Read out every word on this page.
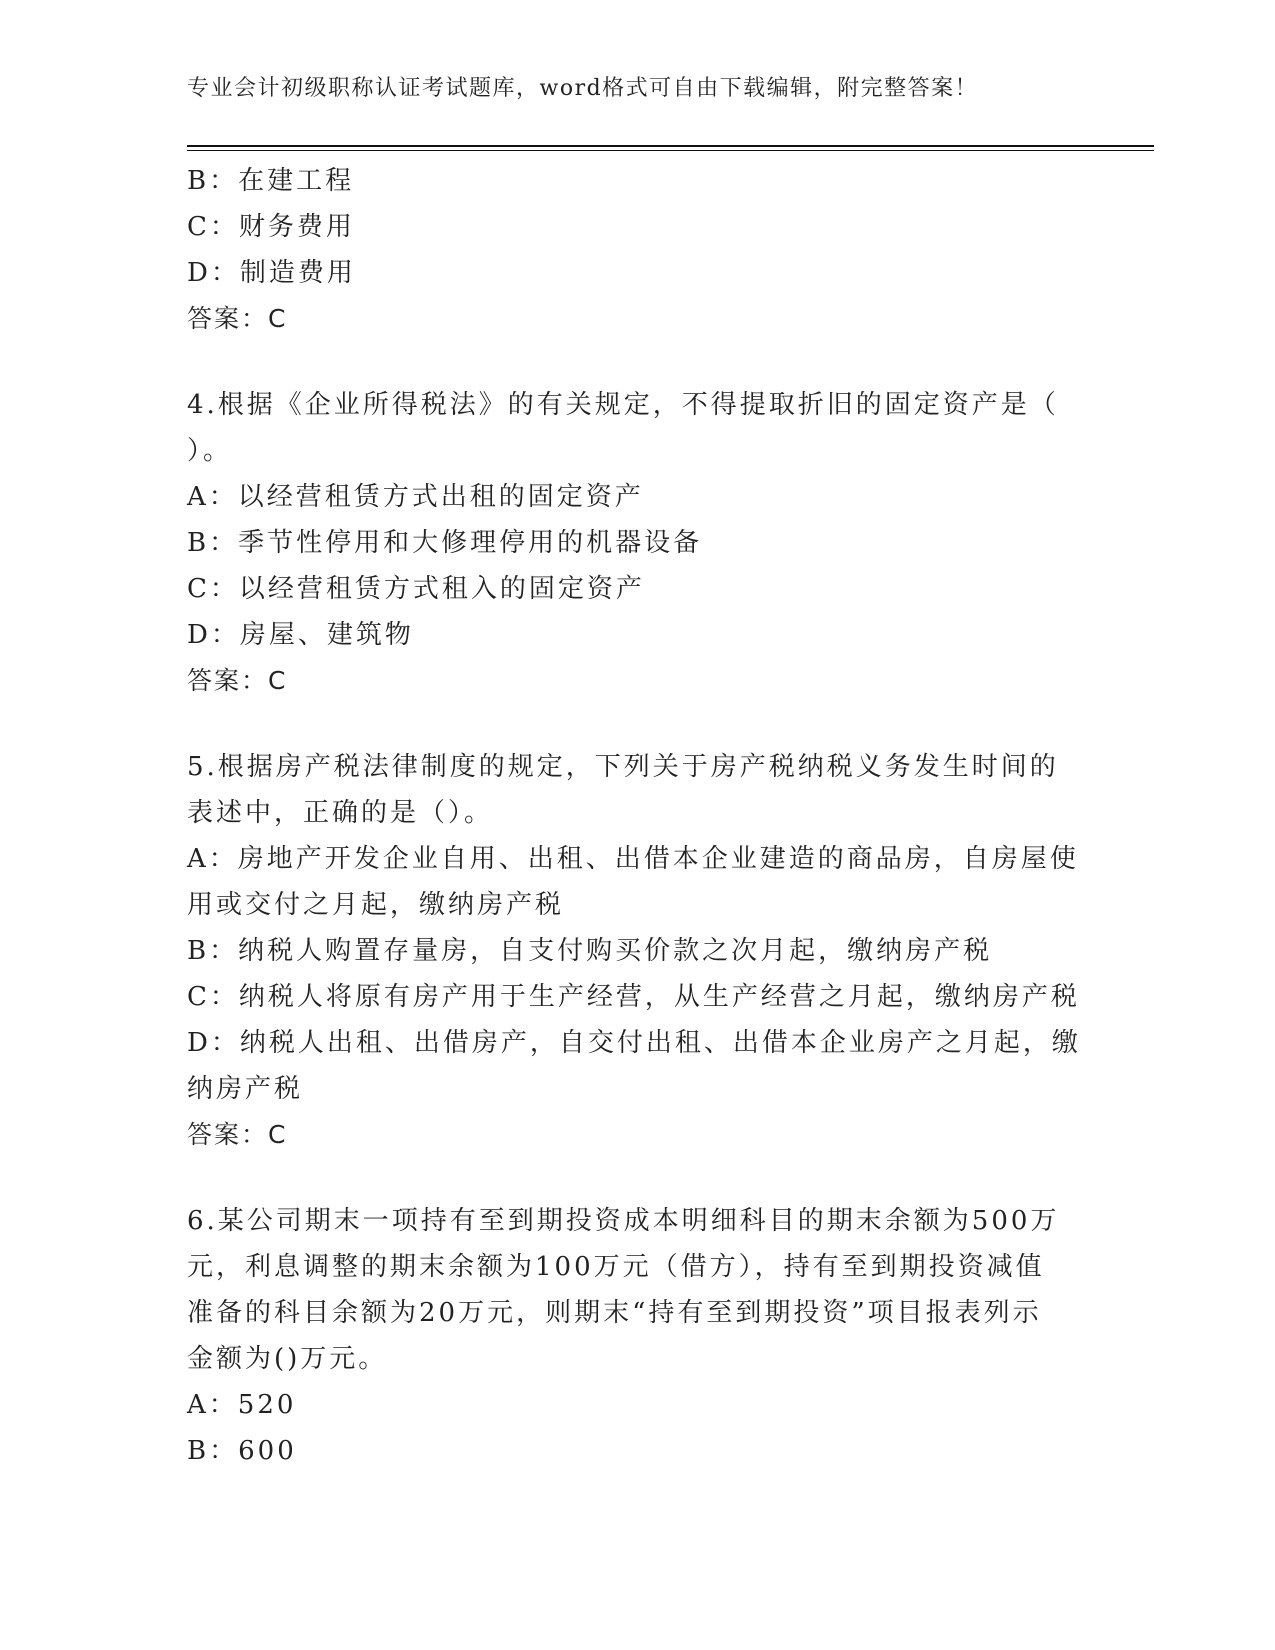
专业会计初级职称认证考试题库，word格式可自由下载编辑，附完整答案！
B：在建工程
C：财务费用
D：制造费用
答案：C
4.根据《企业所得税法》的有关规定，不得提取折旧的固定资产是（
）。
A：以经营租赁方式出租的固定资产
B：季节性停用和大修理停用的机器设备
C：以经营租赁方式租入的固定资产
D：房屋、建筑物
答案：C
5.根据房产税法律制度的规定，下列关于房产税纳税义务发生时间的
表述中，正确的是（）。
A：房地产开发企业自用、出租、出借本企业建造的商品房，自房屋使
用或交付之月起，缴纳房产税
B：纳税人购置存量房，自支付购买价款之次月起，缴纳房产税
C：纳税人将原有房产用于生产经营，从生产经营之月起，缴纳房产税
D：纳税人出租、出借房产，自交付出租、出借本企业房产之月起，缴
纳房产税
答案：C
6.某公司期末一项持有至到期投资成本明细科目的期末余额为500万
元，利息调整的期末余额为100万元（借方），持有至到期投资减值
准备的科目余额为20万元，则期末“持有至到期投资”项目报表列示
金额为()万元。
A：520
B：600
